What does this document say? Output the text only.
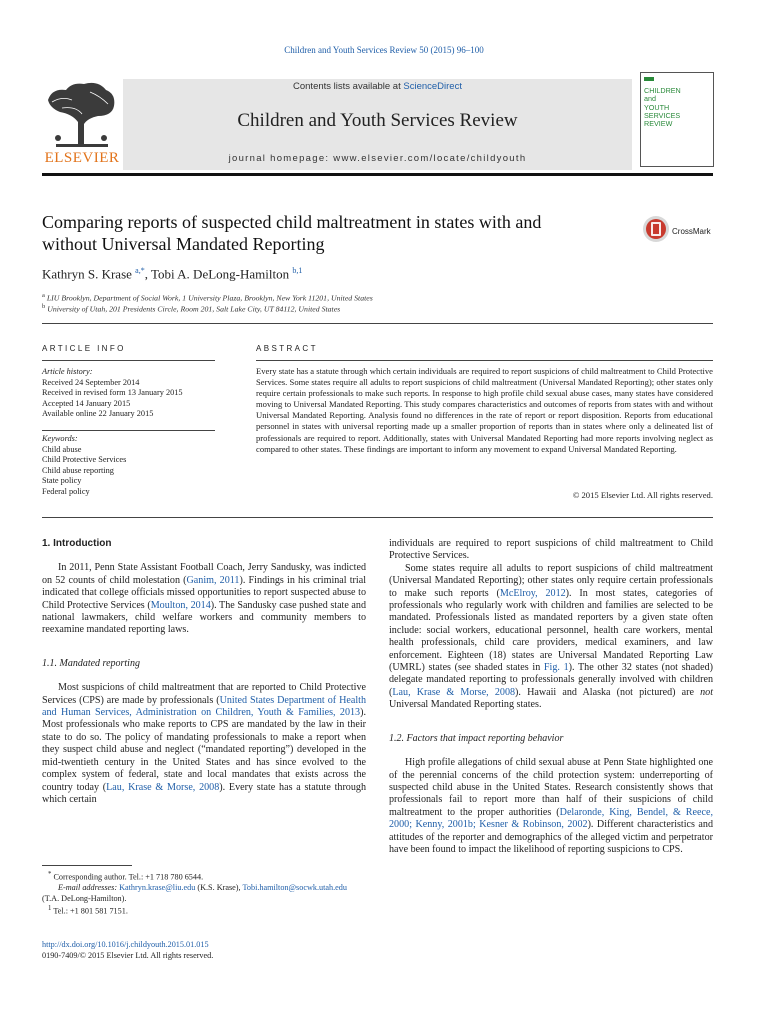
Children and Youth Services Review 50 (2015) 96–100
ELSEVIER
Contents lists available at ScienceDirect
Children and Youth Services Review
journal homepage: www.elsevier.com/locate/childyouth
CHILDREN
and
YOUTH
SERVICES
REVIEW
Comparing reports of suspected child maltreatment in states with and
without Universal Mandated Reporting
CrossMark
Kathryn S. Krase $^{a,*}$, Tobi A. DeLong-Hamilton $^{b,1}$
$^a$ LIU Brooklyn, Department of Social Work, 1 University Plaza, Brooklyn, New York 11201, United States
$^b$ University of Utah, 201 Presidents Circle, Room 201, Salt Lake City, UT 84112, United States
ARTICLE INFO
Article history:
Received 24 September 2014
Received in revised form 13 January 2015
Accepted 14 January 2015
Available online 22 January 2015
Keywords:
Child abuse
Child Protective Services
Child abuse reporting
State policy
Federal policy
ABSTRACT
Every state has a statute through which certain individuals are required to report suspicions of child maltreatment to Child Protective Services. Some states require all adults to report suspicions of child maltreatment (Universal Mandated Reporting); other states only require certain professionals to make such reports. In response to high profile child sexual abuse cases, many states have considered moving to Universal Mandated Reporting. This study compares characteristics and outcomes of reports from states with and without Universal Mandated Reporting. Analysis found no differences in the rate of report or report disposition. Reports from educational personnel in states with universal reporting made up a smaller proportion of reports than in states where only a delineated list of professionals are required to report. Additionally, states with Universal Mandated Reporting had more reports involving neglect as compared to other states. These findings are important to inform any movement to expand Universal Mandated Reporting.
© 2015 Elsevier Ltd. All rights reserved.
1. Introduction

In 2011, Penn State Assistant Football Coach, Jerry Sandusky, was indicted on 52 counts of child molestation (Ganim, 2011). Findings in his criminal trial indicated that college officials missed opportunities to report suspected abuse to Child Protective Services (Moulton, 2014). The Sandusky case pushed state and national lawmakers, child welfare workers and community members to reexamine mandated reporting laws.

1.1. Mandated reporting

Most suspicions of child maltreatment that are reported to Child Protective Services (CPS) are made by professionals (United States Department of Health and Human Services, Administration on Children, Youth & Families, 2013). Most professionals who make reports to CPS are mandated by the law in their state to do so. The policy of mandating professionals to make a report when they suspect child abuse and neglect (“mandated reporting”) developed in the mid-twentieth century in the United States and has since evolved to the complex system of federal, state and local mandates that exists across the country today (Lau, Krase & Morse, 2008). Every state has a statute through which certain

individuals are required to report suspicions of child maltreatment to Child Protective Services.

Some states require all adults to report suspicions of child maltreatment (Universal Mandated Reporting); other states only require certain professionals to make such reports (McElroy, 2012). In most states, categories of professionals who regularly work with children and families are selected to be mandated. Professionals listed as mandated reporters by a given state often include: social workers, educational personnel, health care workers, mental health professionals, child care providers, medical examiners, and law enforcement. Eighteen (18) states are Universal Mandated Reporting Law (UMRL) states (see shaded states in Fig. 1). The other 32 states (not shaded) delegate mandated reporting to professionals generally involved with children (Lau, Krase & Morse, 2008). Hawaii and Alaska (not pictured) are not Universal Mandated Reporting states.

1.2. Factors that impact reporting behavior

High profile allegations of child sexual abuse at Penn State highlighted one of the perennial concerns of the child protection system: underreporting of suspected child abuse in the United States. Research consistently shows that professionals fail to report more than half of their suspicions of child maltreatment to the proper authorities (Delaronde, King, Bendel, & Reece, 2000; Kenny, 2001b; Kesner & Robinson, 2002). Different characteristics and attitudes of the reporter and demographics of the alleged victim and perpetrator have been found to impact the likelihood of reporting suspicions to CPS.

* Corresponding author. Tel.: +1 718 780 6544.
E-mail addresses: Kathryn.krase@liu.edu (K.S. Krase), Tobi.hamilton@socwk.utah.edu
(T.A. DeLong-Hamilton).
$^1$ Tel.: +1 801 581 7151.
http://dx.doi.org/10.1016/j.childyouth.2015.01.015
0190-7409/© 2015 Elsevier Ltd. All rights reserved.
